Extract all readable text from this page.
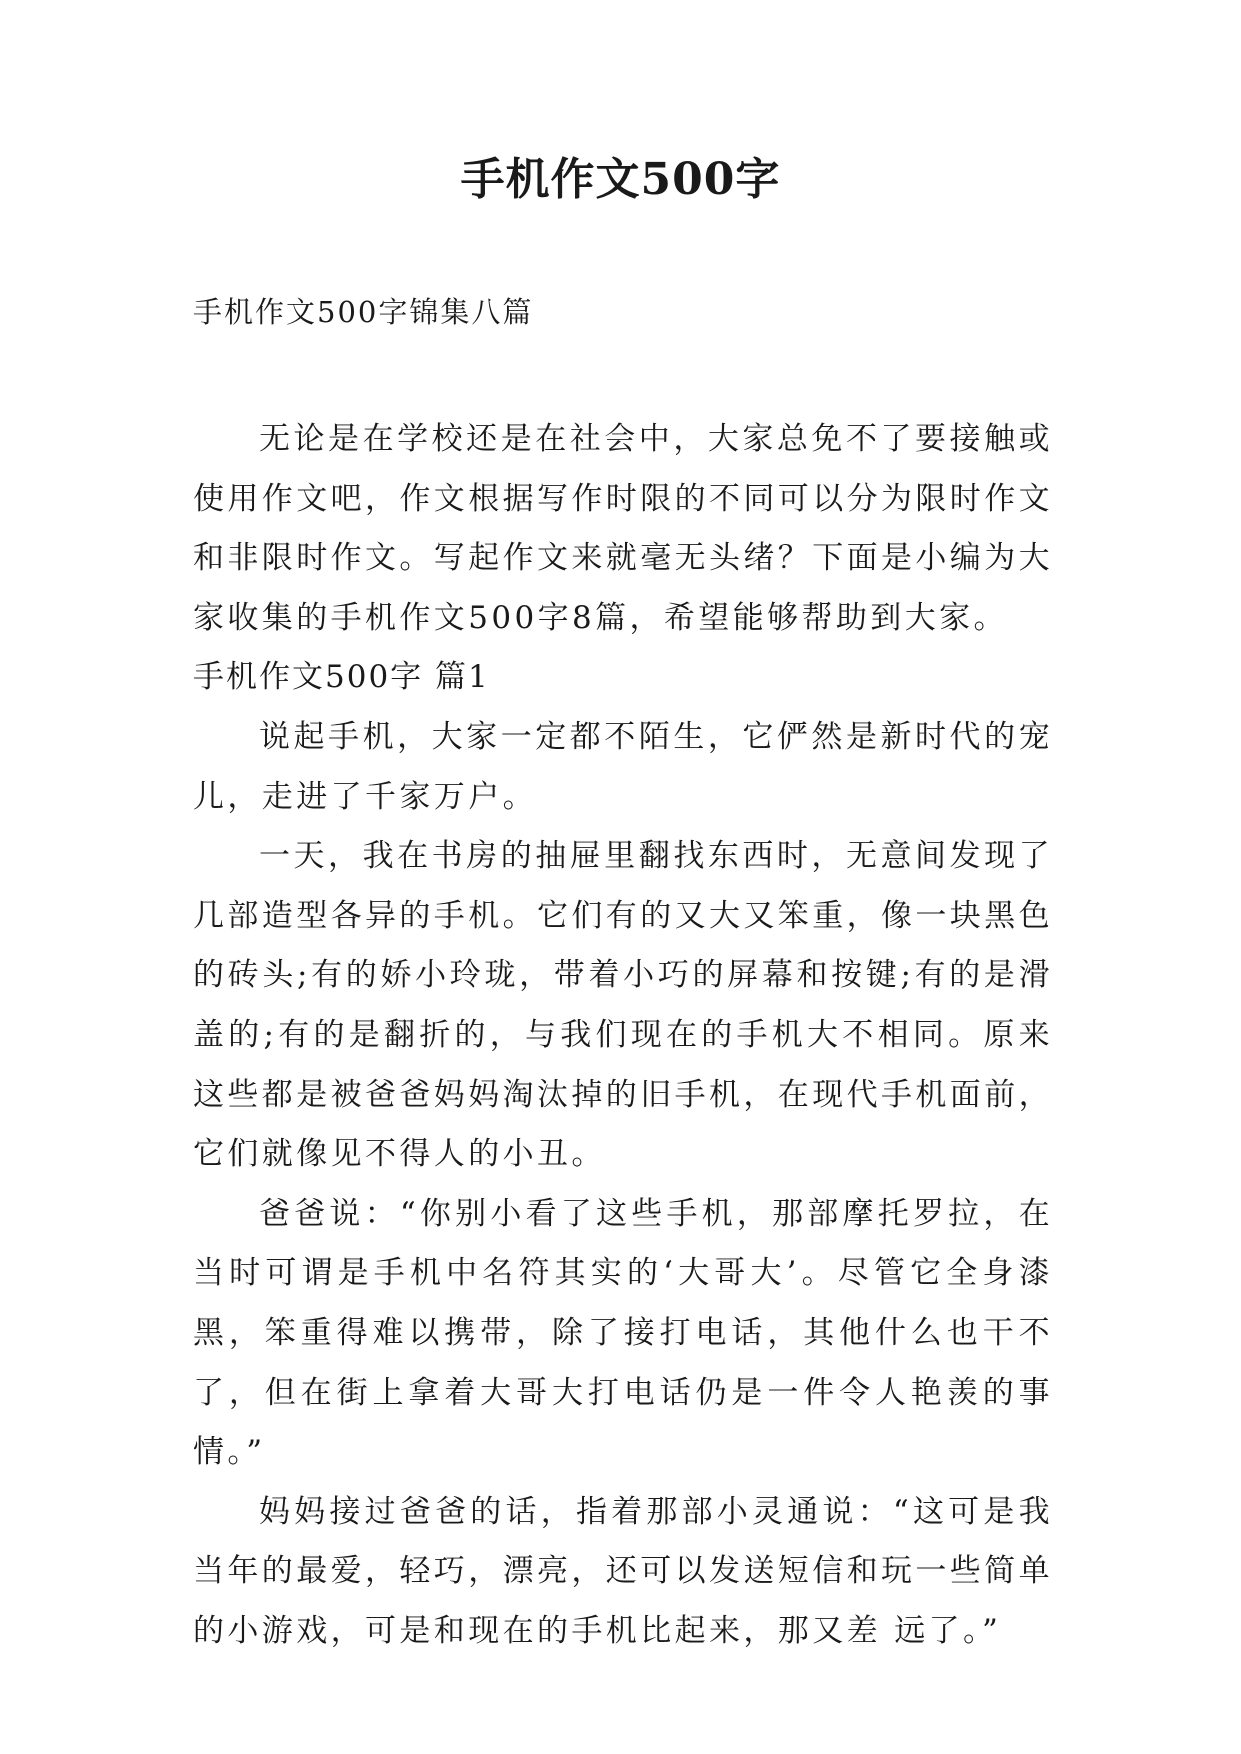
手机作文500字

手机作文500字锦集八篇

无论是在学校还是在社会中，大家总免不了要接触或使用作文吧，作文根据写作时限的不同可以分为限时作文和非限时作文。写起作文来就毫无头绪？下面是小编为大家收集的手机作文500字8篇，希望能够帮助到大家。

手机作文500字 篇1

说起手机，大家一定都不陌生，它俨然是新时代的宠儿，走进了千家万户。

一天，我在书房的抽屉里翻找东西时，无意间发现了几部造型各异的手机。它们有的又大又笨重，像一块黑色的砖头;有的娇小玲珑，带着小巧的屏幕和按键;有的是滑盖的;有的是翻折的，与我们现在的手机大不相同。原来这些都是被爸爸妈妈淘汰掉的旧手机，在现代手机面前，它们就像见不得人的小丑。

爸爸说：“你别小看了这些手机，那部摩托罗拉，在当时可谓是手机中名符其实的‘大哥大’。尽管它全身漆黑，笨重得难以携带，除了接打电话，其他什么也干不了，但在街上拿着大哥大打电话仍是一件令人艳羡的事情。”

妈妈接过爸爸的话，指着那部小灵通说：“这可是我当年的最爱，轻巧，漂亮，还可以发送短信和玩一些简单的小游戏，可是和现在的手机比起来，那又差 远了。”
